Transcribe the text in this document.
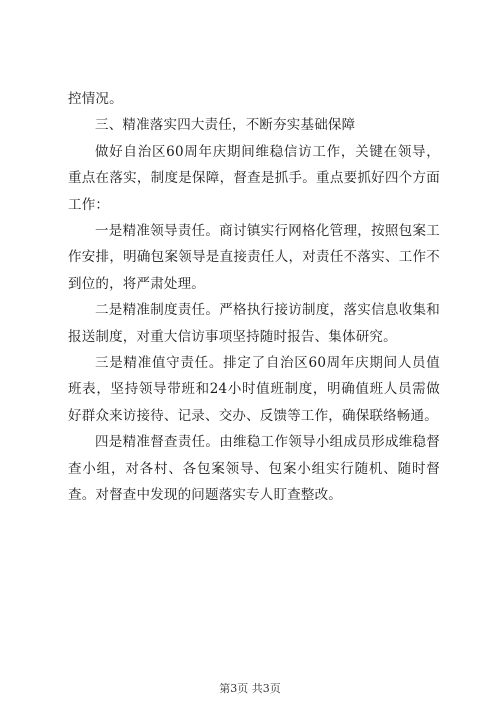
控情况。

三、精准落实四大责任，不断夯实基础保障

做好自治区60周年庆期间维稳信访工作，关键在领导，重点在落实，制度是保障，督查是抓手。重点要抓好四个方面工作：

一是精准领导责任。商讨镇实行网格化管理，按照包案工作安排，明确包案领导是直接责任人，对责任不落实、工作不到位的，将严肃处理。

二是精准制度责任。严格执行接访制度，落实信息收集和报送制度，对重大信访事项坚持随时报告、集体研究。

三是精准值守责任。排定了自治区60周年庆期间人员值班表，坚持领导带班和24小时值班制度，明确值班人员需做好群众来访接待、记录、交办、反馈等工作，确保联络畅通。

四是精准督查责任。由维稳工作领导小组成员形成维稳督查小组，对各村、各包案领导、包案小组实行随机、随时督查。对督查中发现的问题落实专人盯查整改。

第3页 共3页
